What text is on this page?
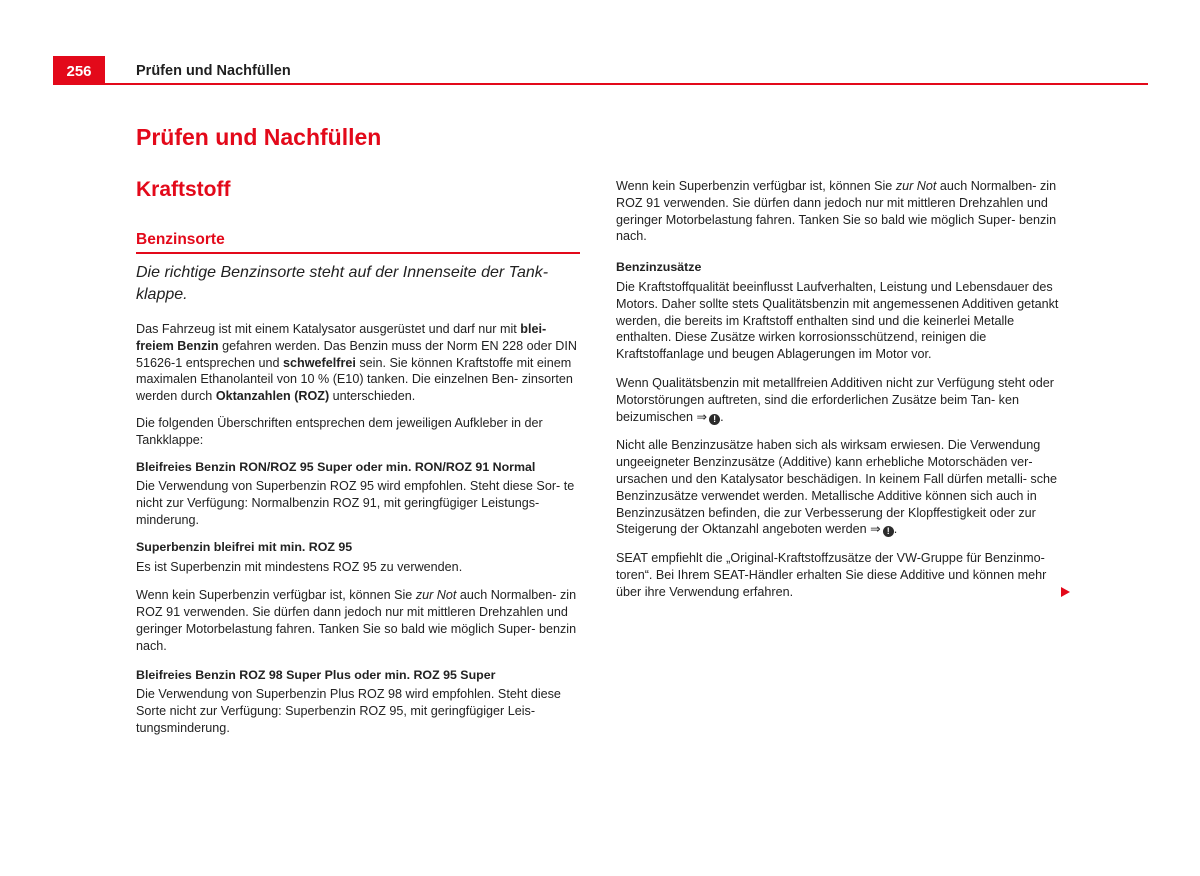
256	Prüfen und Nachfüllen
Prüfen und Nachfüllen
Kraftstoff
Benzinsorte
Die richtige Benzinsorte steht auf der Innenseite der Tank- klappe.

Das Fahrzeug ist mit einem Katalysator ausgerüstet und darf nur mit blei- freiem Benzin gefahren werden. Das Benzin muss der Norm EN 228 oder DIN 51626-1 entsprechen und schwefelfrei sein. Sie können Kraftstoffe mit einem maximalen Ethanolanteil von 10 % (E10) tanken. Die einzelnen Ben- zinsorten werden durch Oktanzahlen (ROZ) unterschieden.

Die folgenden Überschriften entsprechen dem jeweiligen Aufkleber in der Tankklappe:

Bleifreies Benzin RON/ROZ 95 Super oder min. RON/ROZ 91 Normal

Die Verwendung von Superbenzin ROZ 95 wird empfohlen. Steht diese Sor- te nicht zur Verfügung: Normalbenzin ROZ 91, mit geringfügiger Leistungs- minderung.

Superbenzin bleifrei mit min. ROZ 95

Es ist Superbenzin mit mindestens ROZ 95 zu verwenden.

Wenn kein Superbenzin verfügbar ist, können Sie zur Not auch Normalben- zin ROZ 91 verwenden. Sie dürfen dann jedoch nur mit mittleren Drehzahlen und geringer Motorbelastung fahren. Tanken Sie so bald wie möglich Super- benzin nach.

Bleifreies Benzin ROZ 98 Super Plus oder min. ROZ 95 Super

Die Verwendung von Superbenzin Plus ROZ 98 wird empfohlen. Steht diese Sorte nicht zur Verfügung: Superbenzin ROZ 95, mit geringfügiger Leis- tungsminderung.

Wenn kein Superbenzin verfügbar ist, können Sie zur Not auch Normalben- zin ROZ 91 verwenden. Sie dürfen dann jedoch nur mit mittleren Drehzahlen und geringer Motorbelastung fahren. Tanken Sie so bald wie möglich Super- benzin nach.

Benzinzusätze

Die Kraftstoffqualität beeinflusst Laufverhalten, Leistung und Lebensdauer des Motors. Daher sollte stets Qualitätsbenzin mit angemessenen Additiven getankt werden, die bereits im Kraftstoff enthalten sind und die keinerlei Metalle enthalten. Diese Zusätze wirken korrosionsschützend, reinigen die Kraftstoffanlage und beugen Ablagerungen im Motor vor.

Wenn Qualitätsbenzin mit metallfreien Additiven nicht zur Verfügung steht oder Motorstörungen auftreten, sind die erforderlichen Zusätze beim Tan- ken beizumischen ⇒ ! .

Nicht alle Benzinzusätze haben sich als wirksam erwiesen. Die Verwendung ungeeigneter Benzinzusätze (Additive) kann erhebliche Motorschäden ver- ursachen und den Katalysator beschädigen. In keinem Fall dürfen metalli- sche Benzinzusätze verwendet werden. Metallische Additive können sich auch in Benzinzusätzen befinden, die zur Verbesserung der Klopffestigkeit oder zur Steigerung der Oktanzahl angeboten werden ⇒ ! .

SEAT empfiehlt die „Original-Kraftstoffzusätze der VW-Gruppe für Benzinmo- toren“. Bei Ihrem SEAT-Händler erhalten Sie diese Additive und können mehr über ihre Verwendung erfahren.
